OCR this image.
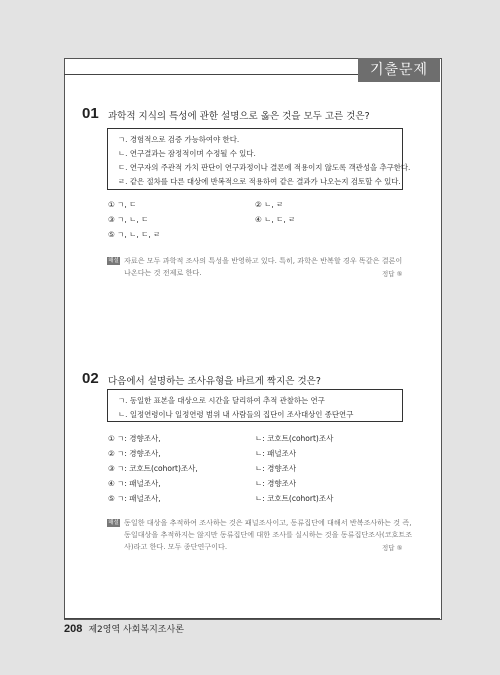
기출문제
01 과학적 지식의 특성에 관한 설명으로 옳은 것을 모두 고른 것은?
ㄱ. 경험적으로 검증 가능하여야 한다.
ㄴ. 연구결과는 잠정적이며 수정될 수 있다.
ㄷ. 연구자의 주관적 가치 판단이 연구과정이나 결론에 적용이지 않도록 객관성을 추구한다.
ㄹ. 같은 절차를 다른 대상에 반복적으로 적용하여 같은 결과가 나오는지 검토할 수 있다.
① ㄱ, ㄷ	② ㄴ, ㄹ
③ ㄱ, ㄴ, ㄷ	④ ㄴ, ㄷ, ㄹ
⑤ ㄱ, ㄴ, ㄷ, ㄹ
해설 자료은 모두 과학적 조사의 특성을 반영하고 있다. 특히, 과학은 반복할 경우 똑같은 결론이
나온다는 것 전제로 한다.	정답 ⑤
02 다음에서 설명하는 조사유형을 바르게 짝지은 것은?
ㄱ. 동일한 표본을 대상으로 시간을 달리하여 추적 관찰하는 연구
ㄴ. 일정연령이나 일정연령 범위 내 사람들의 집단이 조사대상인 종단연구
① ㄱ: 경향조사,	ㄴ: 코호트(cohort)조사
② ㄱ: 경향조사,	ㄴ: 패널조사
③ ㄱ: 코호트(cohort)조사,	ㄴ: 경향조사
④ ㄱ: 패널조사,	ㄴ: 경향조사
⑤ ㄱ: 패널조사,	ㄴ: 코호트(cohort)조사
해설 동일한 대상을 추적하여 조사하는 것은 패널조사이고, 동류집단에 대해서 반복조사하는 것 즉,
동일대상을 추적하지는 않지만 동류집단에 대한 조사를 실시하는 것을 동류집단조사(코호트조
사)라고 한다. 모두 종단연구이다.	정답 ⑤
208 제2영역 사회복지조사론
